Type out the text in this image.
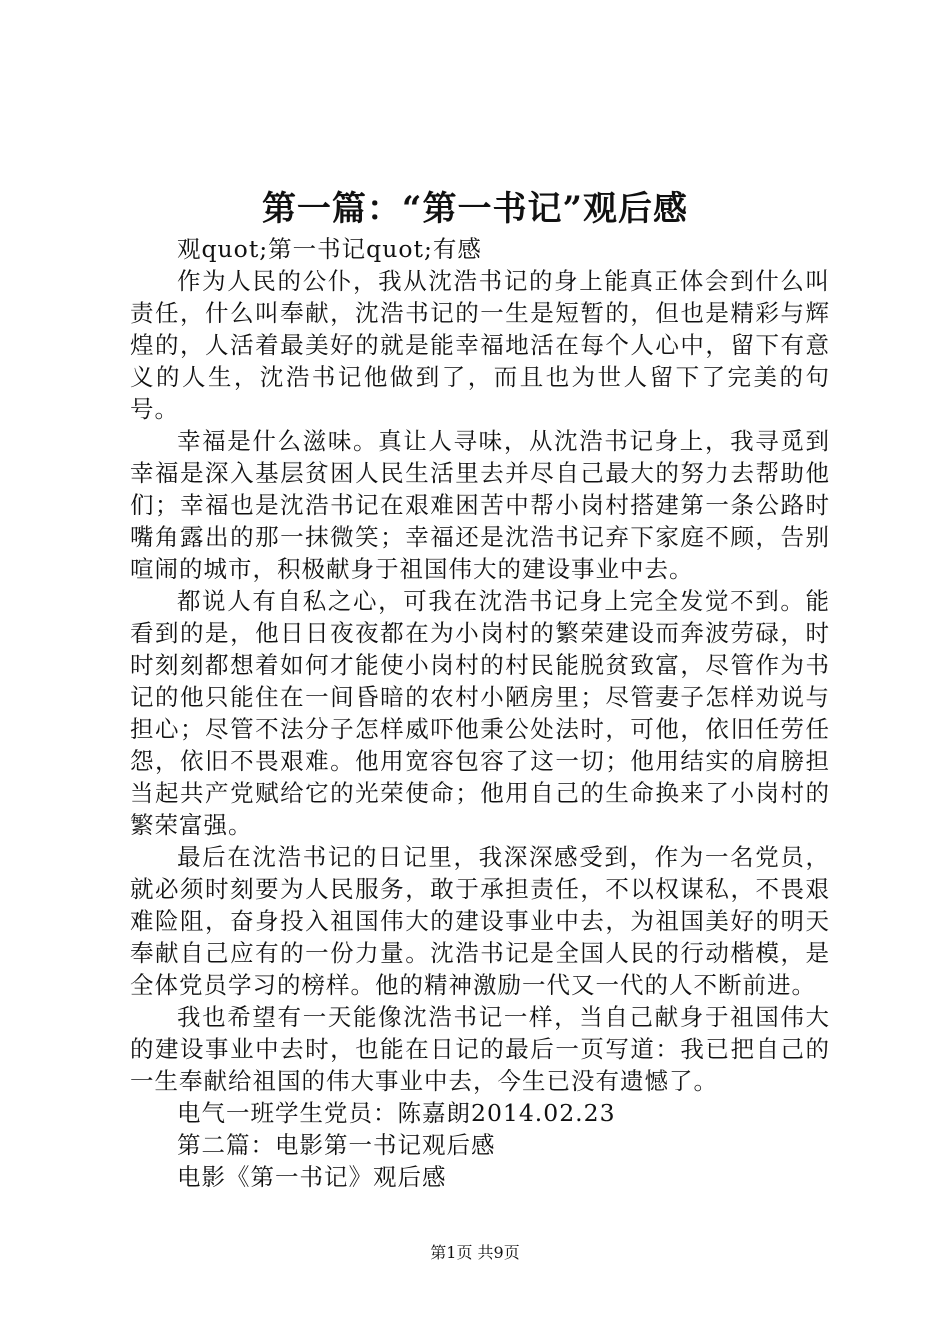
第一篇：“第一书记”观后感

观quot;第一书记quot;有感

作为人民的公仆，我从沈浩书记的身上能真正体会到什么叫责任，什么叫奉献，沈浩书记的一生是短暂的，但也是精彩与辉煌的，人活着最美好的就是能幸福地活在每个人心中，留下有意义的人生，沈浩书记他做到了，而且也为世人留下了完美的句号。

幸福是什么滋味。真让人寻味，从沈浩书记身上，我寻觅到幸福是深入基层贫困人民生活里去并尽自己最大的努力去帮助他们；幸福也是沈浩书记在艰难困苦中帮小岗村搭建第一条公路时嘴角露出的那一抹微笑；幸福还是沈浩书记弃下家庭不顾，告别喧闹的城市，积极献身于祖国伟大的建设事业中去。

都说人有自私之心，可我在沈浩书记身上完全发觉不到。能看到的是，他日日夜夜都在为小岗村的繁荣建设而奔波劳碌，时时刻刻都想着如何才能使小岗村的村民能脱贫致富，尽管作为书记的他只能住在一间昏暗的农村小陋房里；尽管妻子怎样劝说与担心；尽管不法分子怎样威吓他秉公处法时，可他，依旧任劳任怨，依旧不畏艰难。他用宽容包容了这一切；他用结实的肩膀担当起共产党赋给它的光荣使命；他用自己的生命换来了小岗村的繁荣富强。

最后在沈浩书记的日记里，我深深感受到，作为一名党员，就必须时刻要为人民服务，敢于承担责任，不以权谋私，不畏艰难险阻，奋身投入祖国伟大的建设事业中去，为祖国美好的明天奉献自己应有的一份力量。沈浩书记是全国人民的行动楷模，是全体党员学习的榜样。他的精神激励一代又一代的人不断前进。

我也希望有一天能像沈浩书记一样，当自己献身于祖国伟大的建设事业中去时，也能在日记的最后一页写道：我已把自己的一生奉献给祖国的伟大事业中去，今生已没有遗憾了。

电气一班学生党员：陈嘉朗2014.02.23

第二篇：电影第一书记观后感

电影《第一书记》观后感

第1页 共9页
